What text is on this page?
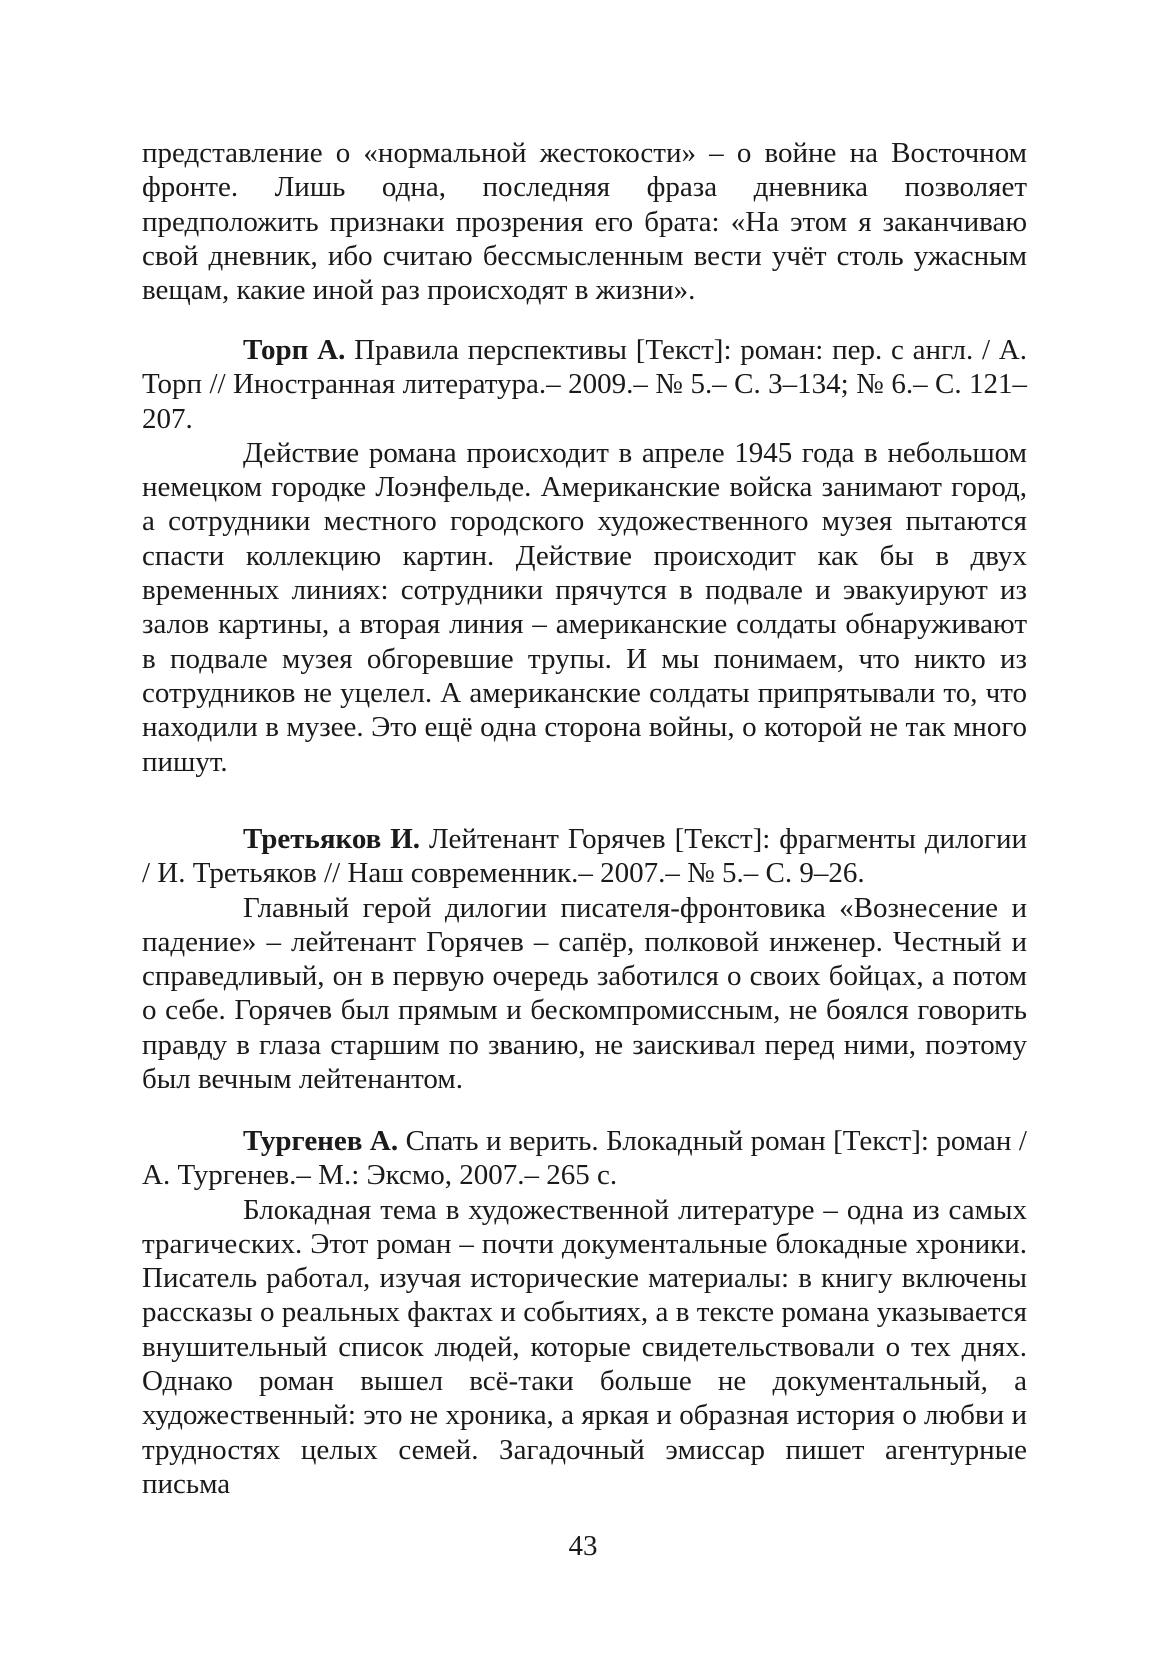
представление о «нормальной жестокости» – о войне на Восточном фронте. Лишь одна, последняя фраза дневника позволяет предположить признаки прозрения его брата: «На этом я заканчиваю свой дневник, ибо считаю бессмысленным вести учёт столь ужасным вещам, какие иной раз происходят в жизни».

Торп А. Правила перспективы [Текст]: роман: пер. с англ. / А. Торп // Иностранная литература.– 2009.– № 5.– С. 3–134; № 6.– С. 121–207.

Действие романа происходит в апреле 1945 года в небольшом немецком городке Лоэнфельде. Американские войска занимают город, а сотрудники местного городского художественного музея пытаются спасти коллекцию картин. Действие происходит как бы в двух временных линиях: сотрудники прячутся в подвале и эвакуируют из залов картины, а вторая линия – американские солдаты обнаруживают в подвале музея обгоревшие трупы. И мы понимаем, что никто из сотрудников не уцелел. А американские солдаты припрятывали то, что находили в музее. Это ещё одна сторона войны, о которой не так много пишут.

Третьяков И. Лейтенант Горячев [Текст]: фрагменты дилогии / И. Третьяков // Наш современник.– 2007.– № 5.– С. 9–26.

Главный герой дилогии писателя-фронтовика «Вознесение и падение» – лейтенант Горячев – сапёр, полковой инженер. Честный и справедливый, он в первую очередь заботился о своих бойцах, а потом о себе. Горячев был прямым и бескомпромиссным, не боялся говорить правду в глаза старшим по званию, не заискивал перед ними, поэтому был вечным лейтенантом.

Тургенев А. Спать и верить. Блокадный роман [Текст]: роман / А. Тургенев.– М.: Эксмо, 2007.– 265 с.

Блокадная тема в художественной литературе – одна из самых трагических. Этот роман – почти документальные блокадные хроники. Писатель работал, изучая исторические материалы: в книгу включены рассказы о реальных фактах и событиях, а в тексте романа указывается внушительный список людей, которые свидетельствовали о тех днях. Однако роман вышел всё-таки больше не документальный, а художественный: это не хроника, а яркая и образная история о любви и трудностях целых семей. Загадочный эмиссар пишет агентурные письма

43
